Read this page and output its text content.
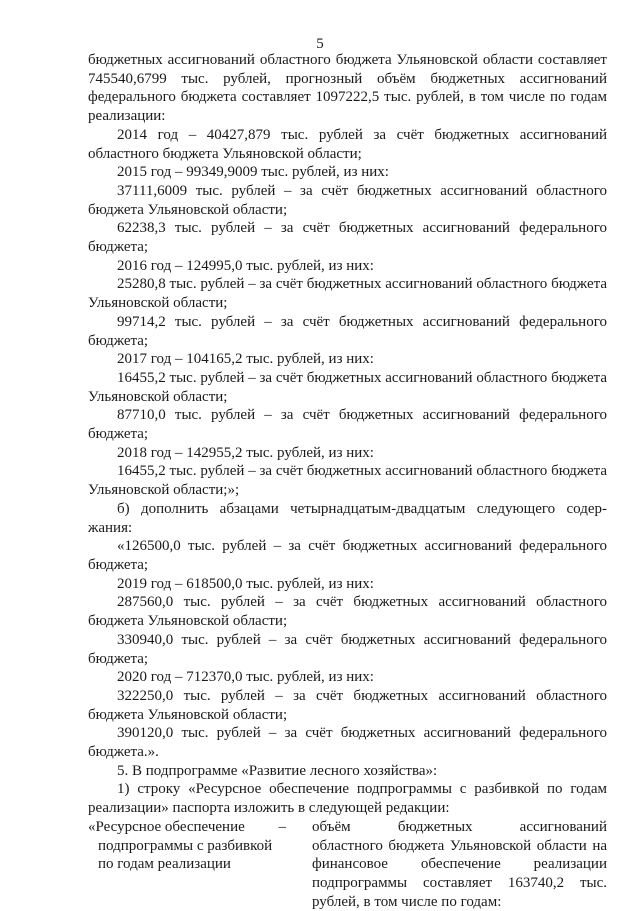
5

бюджетных ассигнований областного бюджета Ульяновской области составляет 745540,6799 тыс. рублей, прогнозный объём бюджетных ассигнований федерального бюджета составляет 1097222,5 тыс. рублей, в том числе по годам реализации:

2014 год – 40427,879 тыс. рублей за счёт бюджетных ассигнований областного бюджета Ульяновской области;

2015 год – 99349,9009 тыс. рублей, из них:

37111,6009 тыс. рублей – за счёт бюджетных ассигнований областного бюджета Ульяновской области;

62238,3 тыс. рублей – за счёт бюджетных ассигнований федерального бюджета;

2016 год – 124995,0 тыс. рублей, из них:

25280,8 тыс. рублей – за счёт бюджетных ассигнований областного бюджета Ульяновской области;

99714,2 тыс. рублей – за счёт бюджетных ассигнований федерального бюджета;

2017 год – 104165,2 тыс. рублей, из них:

16455,2 тыс. рублей – за счёт бюджетных ассигнований областного бюджета Ульяновской области;

87710,0 тыс. рублей – за счёт бюджетных ассигнований федерального бюджета;

2018 год – 142955,2 тыс. рублей, из них:

16455,2 тыс. рублей – за счёт бюджетных ассигнований областного бюджета Ульяновской области;»;

б) дополнить абзацами четырнадцатым-двадцатым следующего содер-жания:

«126500,0 тыс. рублей – за счёт бюджетных ассигнований федерального бюджета;

2019 год – 618500,0 тыс. рублей, из них:

287560,0 тыс. рублей – за счёт бюджетных ассигнований областного бюджета Ульяновской области;

330940,0 тыс. рублей – за счёт бюджетных ассигнований федерального бюджета;

2020 год – 712370,0 тыс. рублей, из них:

322250,0 тыс. рублей – за счёт бюджетных ассигнований областного бюджета Ульяновской области;

390120,0 тыс. рублей – за счёт бюджетных ассигнований федерального бюджета.».

5. В подпрограмме «Развитие лесного хозяйства»:

1) строку «Ресурсное обеспечение подпрограммы с разбивкой по годам реализации» паспорта изложить в следующей редакции:

«Ресурсное обеспечение –
подпрограммы с разбивкой
по годам реализации
объём бюджетных ассигнований
областного бюджета Ульяновской области на финансовое обеспечение реализации подпрограммы составляет 163740,2 тыс. рублей, в том числе по годам:
